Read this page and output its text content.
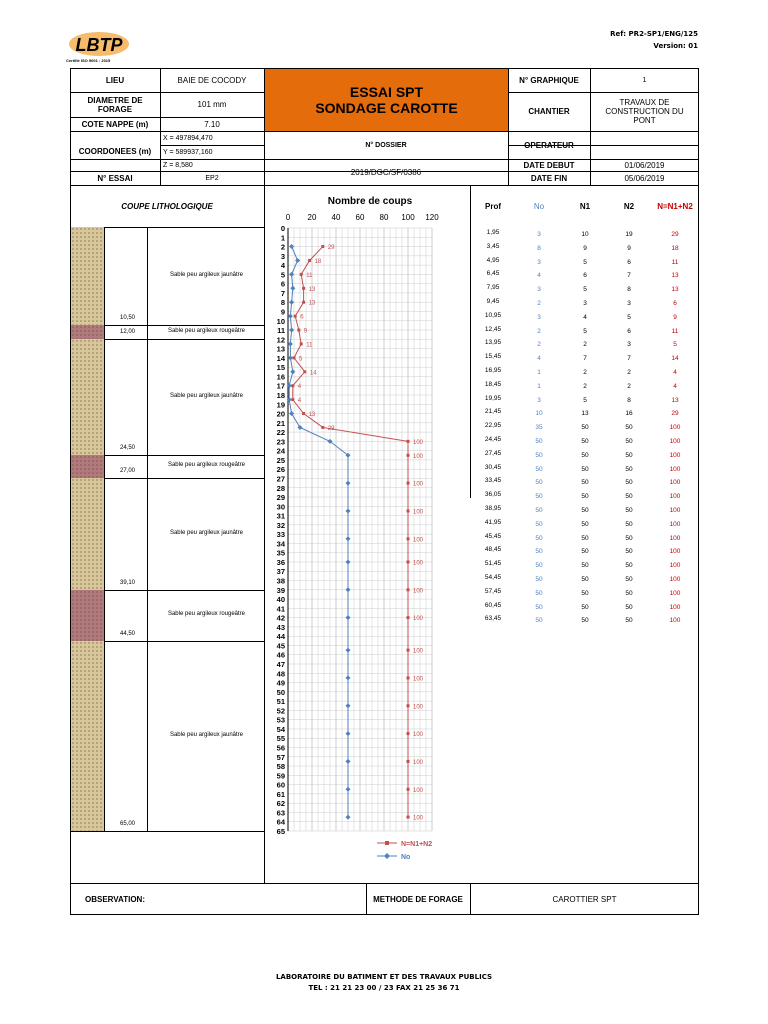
LBTP
Certifié ISO 9001 : 2015
Ref: PR2-SP1/ENG/125
Version: 01
LIEU	BAIE DE COCODY
DIAMETRE DE FORAGE	101 mm
COTE NAPPE (m)	7.10
COORDONEES (m)
X = 497894,470
Y = 589937,160
Z = 8,580
N° ESSAI	EP2
ESSAI SPT
SONDAGE CAROTTE
N° DOSSIER
2019/DGC/SF/0386
N° GRAPHIQUE	1
CHANTIER
TRAVAUX DE CONSTRUCTION DU PONT
OPERATEUR
DATE DEBUT	01/06/2019
DATE FIN	05/06/2019
COUPE LITHOLOGIQUE
10,50
Sable peu argileux jaunâtre
12,00	Sable peu argileux rougeâtre
24,50
Sable peu argileux jaunâtre
27,00
Sable peu argileux rougeâtre
39,10
Sable peu argileux jaunâtre
44,50
Sable peu argileux rougeâtre
65,00
Sable peu argileux jaunâtre
Nombre de coups
0 20 40 60 80 100 120
0
1
2
3
4
5
6
7
8
9
10
11
12
13
14
15
16
17
18
19
20
21
22
23
24
25
26
27
28
29
30
31
32
33
34
35
36
37
38
39
40
41
42
43
44
45
46
47
48
49
50
51
52
53
54
55
56
57
58
59
60
61
62
63
64
65
29
18
11
13
13
6
9
11
5
14
4
4
13
29
100
100
100
100
100
100
100
100
100
100
100
100
100
100
100
N=N1+N2
No
Prof	No	N1	N2	N=N1+N2
1,95	3	10	19	29
3,45	8	9	9	18
4,95	3	5	6	11
6,45	4	6	7	13
7,95	3	5	8	13
9,45	2	3	3	6
10,95	3	4	5	9
12,45	2	5	6	11
13,95	2	2	3	5
15,45	4	7	7	14
16,95	1	2	2	4
18,45	1	2	2	4
19,95	3	5	8	13
21,45	10	13	16	29
22,95	35	50	50	100
24,45	50	50	50	100
27,45	50	50	50	100
30,45	50	50	50	100
33,45	50	50	50	100
36,05	50	50	50	100
38,95	50	50	50	100
41,95	50	50	50	100
45,45	50	50	50	100
48,45	50	50	50	100
51,45	50	50	50	100
54,45	50	50	50	100
57,45	50	50	50	100
60,45	50	50	50	100
63,45	50	50	50	100
OBSERVATION:	METHODE DE FORAGE	CAROTTIER SPT
LABORATOIRE DU BATIMENT ET DES TRAVAUX PUBLICS
TEL : 21 21 23 00 / 23 FAX 21 25 36 71
